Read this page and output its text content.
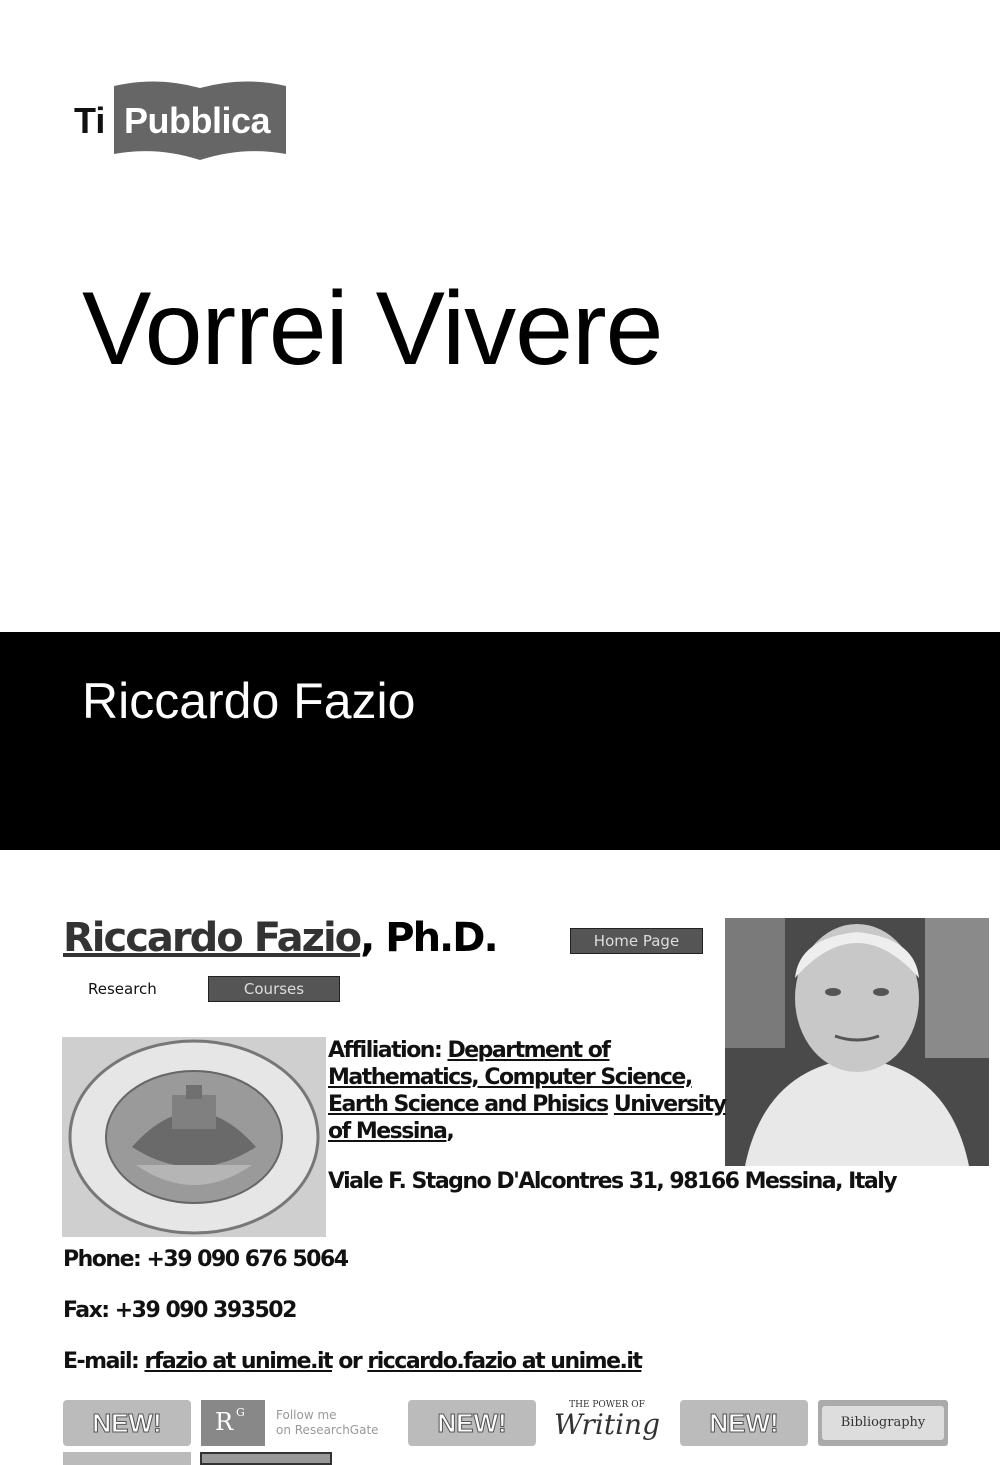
Ti Pubblica
Vorrei Vivere
Riccardo Fazio
Riccardo Fazio, Ph.D.	Home Page
Research	Courses
Affiliation: Department of Mathematics, Computer Science, Earth Science and Phisics University of Messina,
Viale F. Stagno D'Alcontres 31, 98166 Messina, Italy
Phone: +39 090 676 5064
Fax: +39 090 393502
E-mail: rfazio at unime.it or riccardo.fazio at unime.it
NEW!	R G	Follow me
on ResearchGate	NEW!
THE POWER OF
Writing	NEW!	Bibliography
